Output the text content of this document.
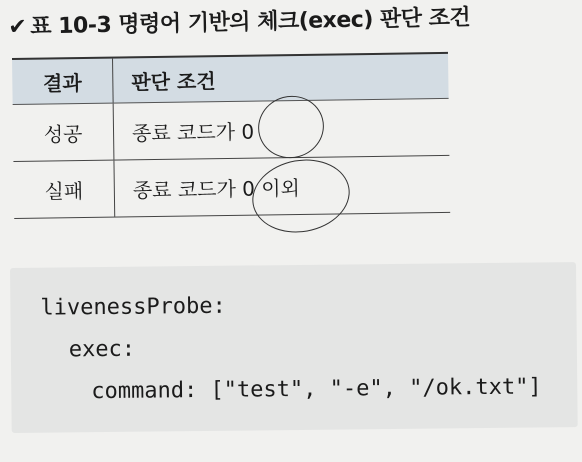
✔ 표 10-3 명령어 기반의 체크(exec) 판단 조건
결과	판단 조건
성공	종료 코드가 0
실패	종료 코드가 0 이외
livenessProbe:
exec:
command: ["test", "-e", "/ok.txt"]
